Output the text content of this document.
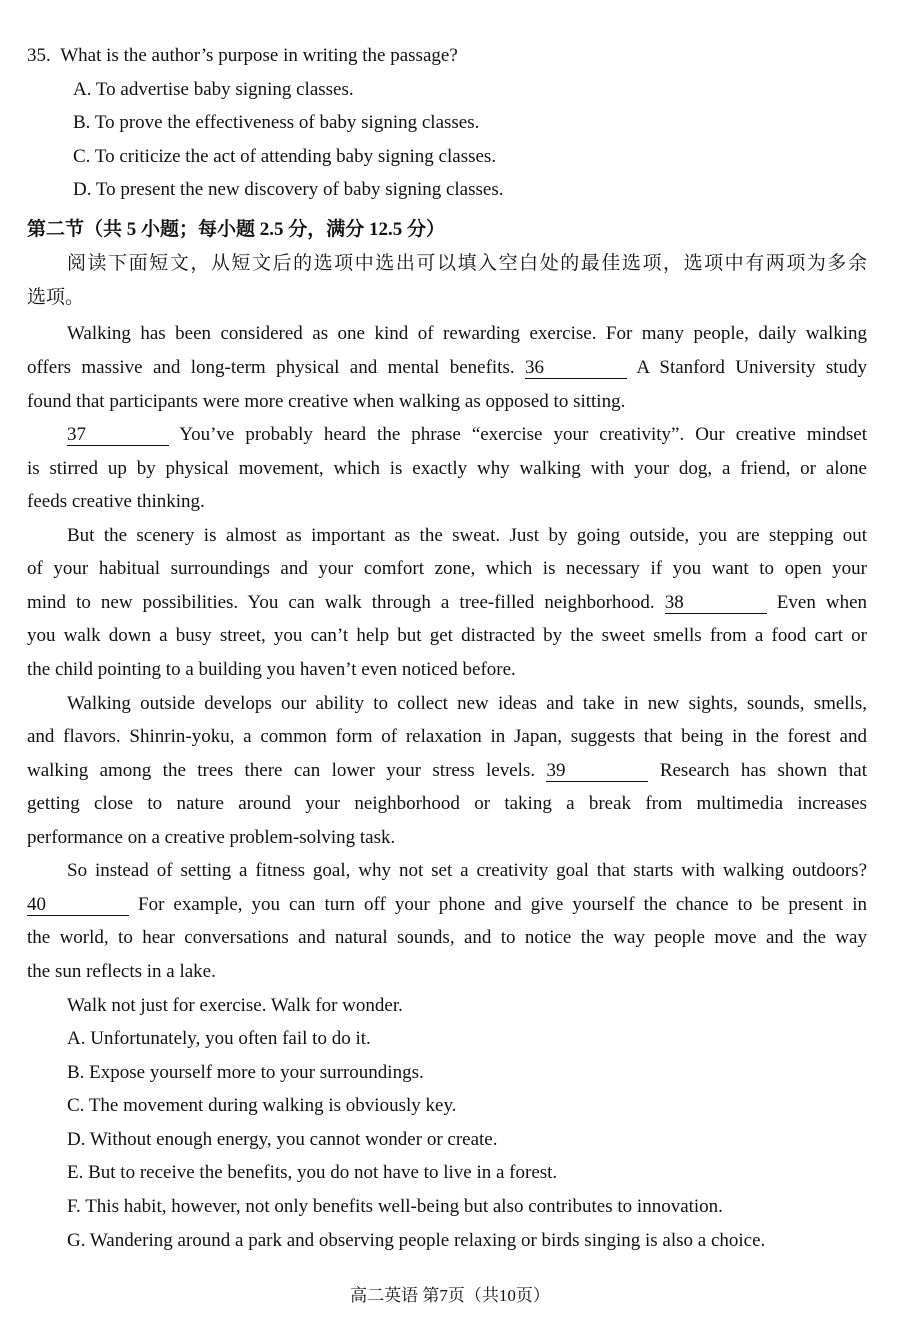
35. What is the author’s purpose in writing the passage?
A. To advertise baby signing classes.
B. To prove the effectiveness of baby signing classes.
C. To criticize the act of attending baby signing classes.
D. To present the new discovery of baby signing classes.
第二节（共 5 小题；每小题 2.5 分，满分 12.5 分）
阅读下面短文，从短文后的选项中选出可以填入空白处的最佳选项，选项中有两项为多余
选项。
Walking has been considered as one kind of rewarding exercise. For many people, daily walking
offers massive and long-term physical and mental benefits. 36	A Stanford University study
found that participants were more creative when walking as opposed to sitting.
37	You’ve probably heard the phrase “exercise your creativity”. Our creative mindset
is stirred up by physical movement, which is exactly why walking with your dog, a friend, or alone
feeds creative thinking.
But the scenery is almost as important as the sweat. Just by going outside, you are stepping out
of your habitual surroundings and your comfort zone, which is necessary if you want to open your
mind to new possibilities. You can walk through a tree-filled neighborhood. 38	Even when
you walk down a busy street, you can’t help but get distracted by the sweet smells from a food cart or
the child pointing to a building you haven’t even noticed before.
Walking outside develops our ability to collect new ideas and take in new sights, sounds, smells,
and flavors. Shinrin-yoku, a common form of relaxation in Japan, suggests that being in the forest and
walking among the trees there can lower your stress levels. 39	Research has shown that
getting close to nature around your neighborhood or taking a break from multimedia increases
performance on a creative problem-solving task.
So instead of setting a fitness goal, why not set a creativity goal that starts with walking outdoors?
40	For example, you can turn off your phone and give yourself the chance to be present in
the world, to hear conversations and natural sounds, and to notice the way people move and the way
the sun reflects in a lake.
Walk not just for exercise. Walk for wonder.
A. Unfortunately, you often fail to do it.
B. Expose yourself more to your surroundings.
C. The movement during walking is obviously key.
D. Without enough energy, you cannot wonder or create.
E. But to receive the benefits, you do not have to live in a forest.
F. This habit, however, not only benefits well-being but also contributes to innovation.
G. Wandering around a park and observing people relaxing or birds singing is also a choice.
高二英语 第7页（共10页）
